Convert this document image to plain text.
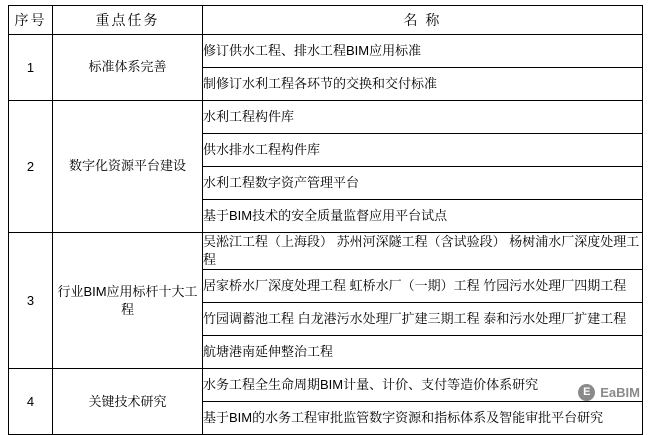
序号	重点任务	名 称
1	标准体系完善	修订供水工程、排水工程BIM应用标准
		制修订水利工程各环节的交换和交付标准
2	数字化资源平台建设	水利工程构件库
		供水排水工程构件库
		水利工程数字资产管理平台
		基于BIM技术的安全质量监督应用平台试点
3	行业BIM应用标杆十大工程	吴淞江工程（上海段） 苏州河深隧工程（含试验段） 杨树浦水厂深度处理工程
		居家桥水厂深度处理工程 虹桥水厂（一期）工程 竹园污水处理厂四期工程
		竹园调蓄池工程 白龙港污水处理厂扩建三期工程 泰和污水处理厂扩建工程
		航塘港南延伸整治工程
4	关键技术研究	水务工程全生命周期BIM计量、计价、支付等造价体系研究
		基于BIM的水务工程审批监管数字资源和指标体系及智能审批平台研究
E EaBIM
